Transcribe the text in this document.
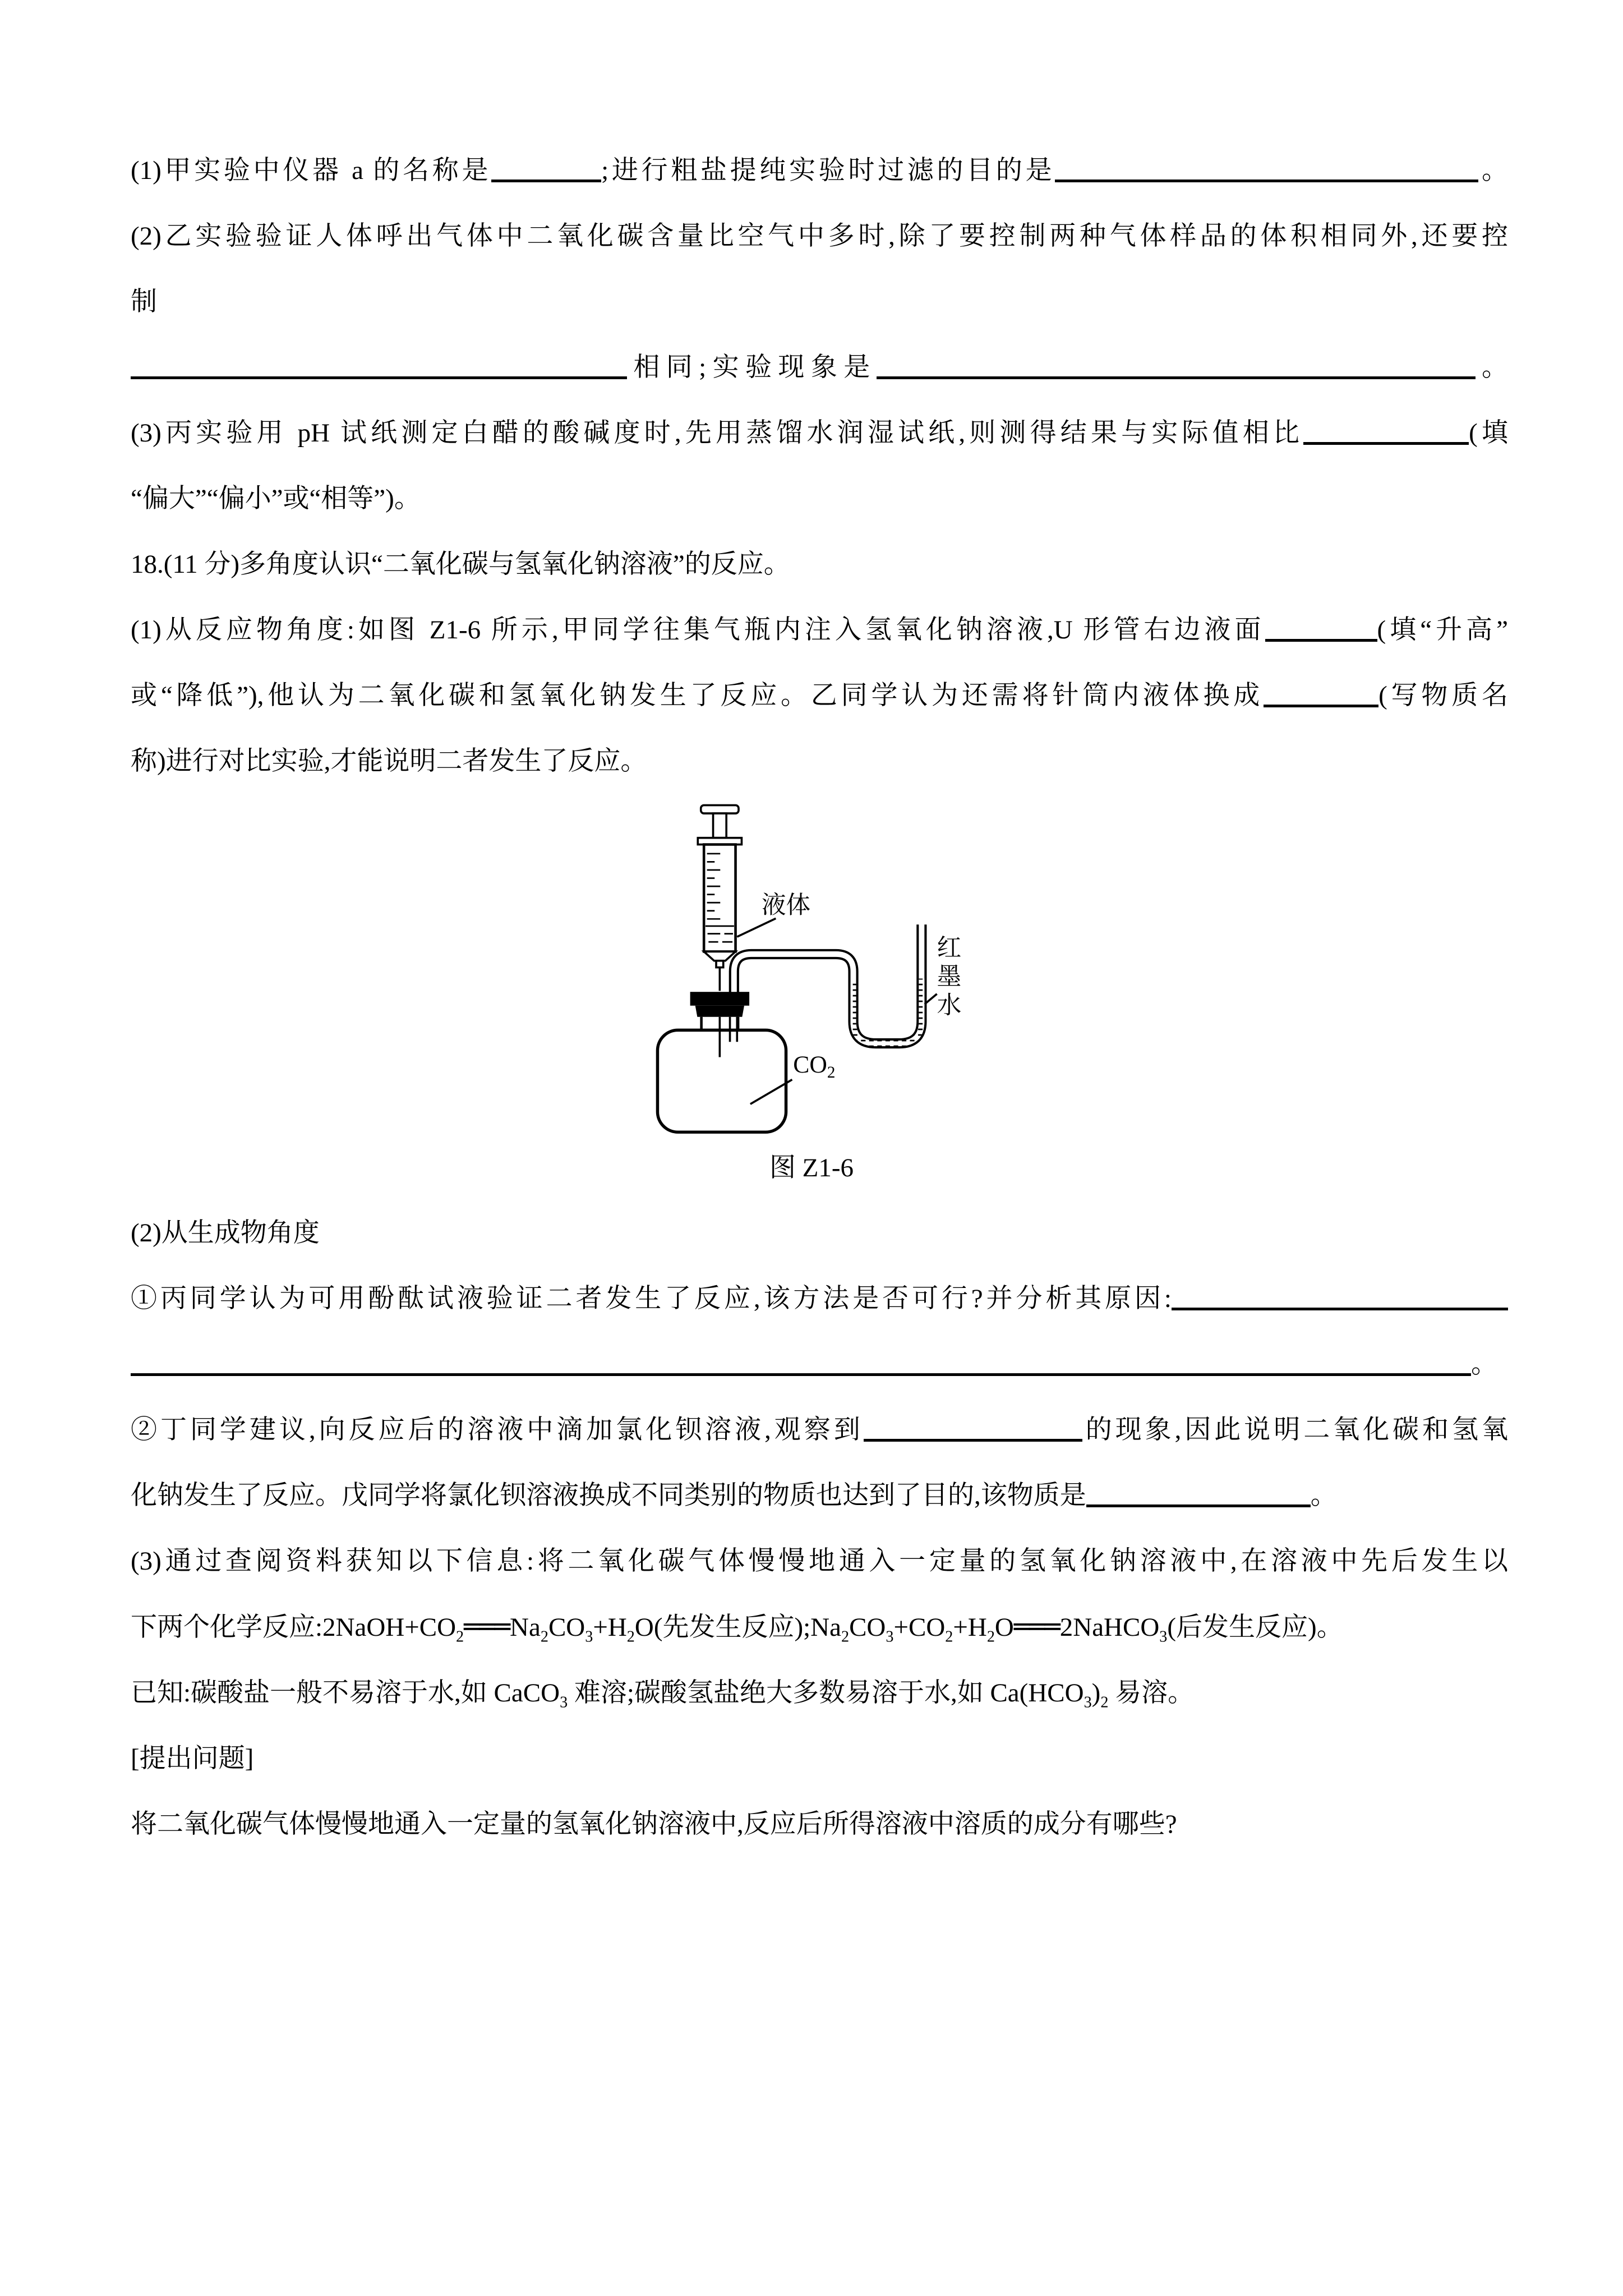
(1)甲实验中仪器 a 的名称是	;进行粗盐提纯实验时过滤的目的是	。

(2)乙实验验证人体呼出气体中二氧化碳含量比空气中多时,除了要控制两种气体样品的体积相同外,还要控

制

相同;实验现象是	。

(3)丙实验用 pH 试纸测定白醋的酸碱度时,先用蒸馏水润湿试纸,则测得结果与实际值相比	(填

“偏大”“偏小”或“相等”)。

18.(11 分)多角度认识“二氧化碳与氢氧化钠溶液”的反应。

(1)从反应物角度:如图 Z1-6 所示,甲同学往集气瓶内注入氢氧化钠溶液,U 形管右边液面	(填“升高”

或“降低”),他认为二氧化碳和氢氧化钠发生了反应。乙同学认为还需将针筒内液体换成	(写物质名

称)进行对比实验,才能说明二者发生了反应。

液体
红
墨
水
$CO_2$
图 Z1-6

(2)从生成物角度

①丙同学认为可用酚酞试液验证二者发生了反应,该方法是否可行?并分析其原因:

。

②丁同学建议,向反应后的溶液中滴加氯化钡溶液,观察到	的现象,因此说明二氧化碳和氢氧

化钠发生了反应。戊同学将氯化钡溶液换成不同类别的物质也达到了目的,该物质是	。

(3)通过查阅资料获知以下信息:将二氧化碳气体慢慢地通入一定量的氢氧化钠溶液中,在溶液中先后发生以

下两个化学反应$:2NaOH+CO_2═══Na_2CO_3+H_2O$(先发生反应)$;Na_2CO_3+CO_2+H_2O═══2NaHCO_3$(后发生反应)。

已知:碳酸盐一般不易溶于水,如 CaCO$_3$ 难溶;碳酸氢盐绝大多数易溶于水,如 $Ca(HCO_3)_2$ 易溶。

[提出问题]

将二氧化碳气体慢慢地通入一定量的氢氧化钠溶液中,反应后所得溶液中溶质的成分有哪些?
